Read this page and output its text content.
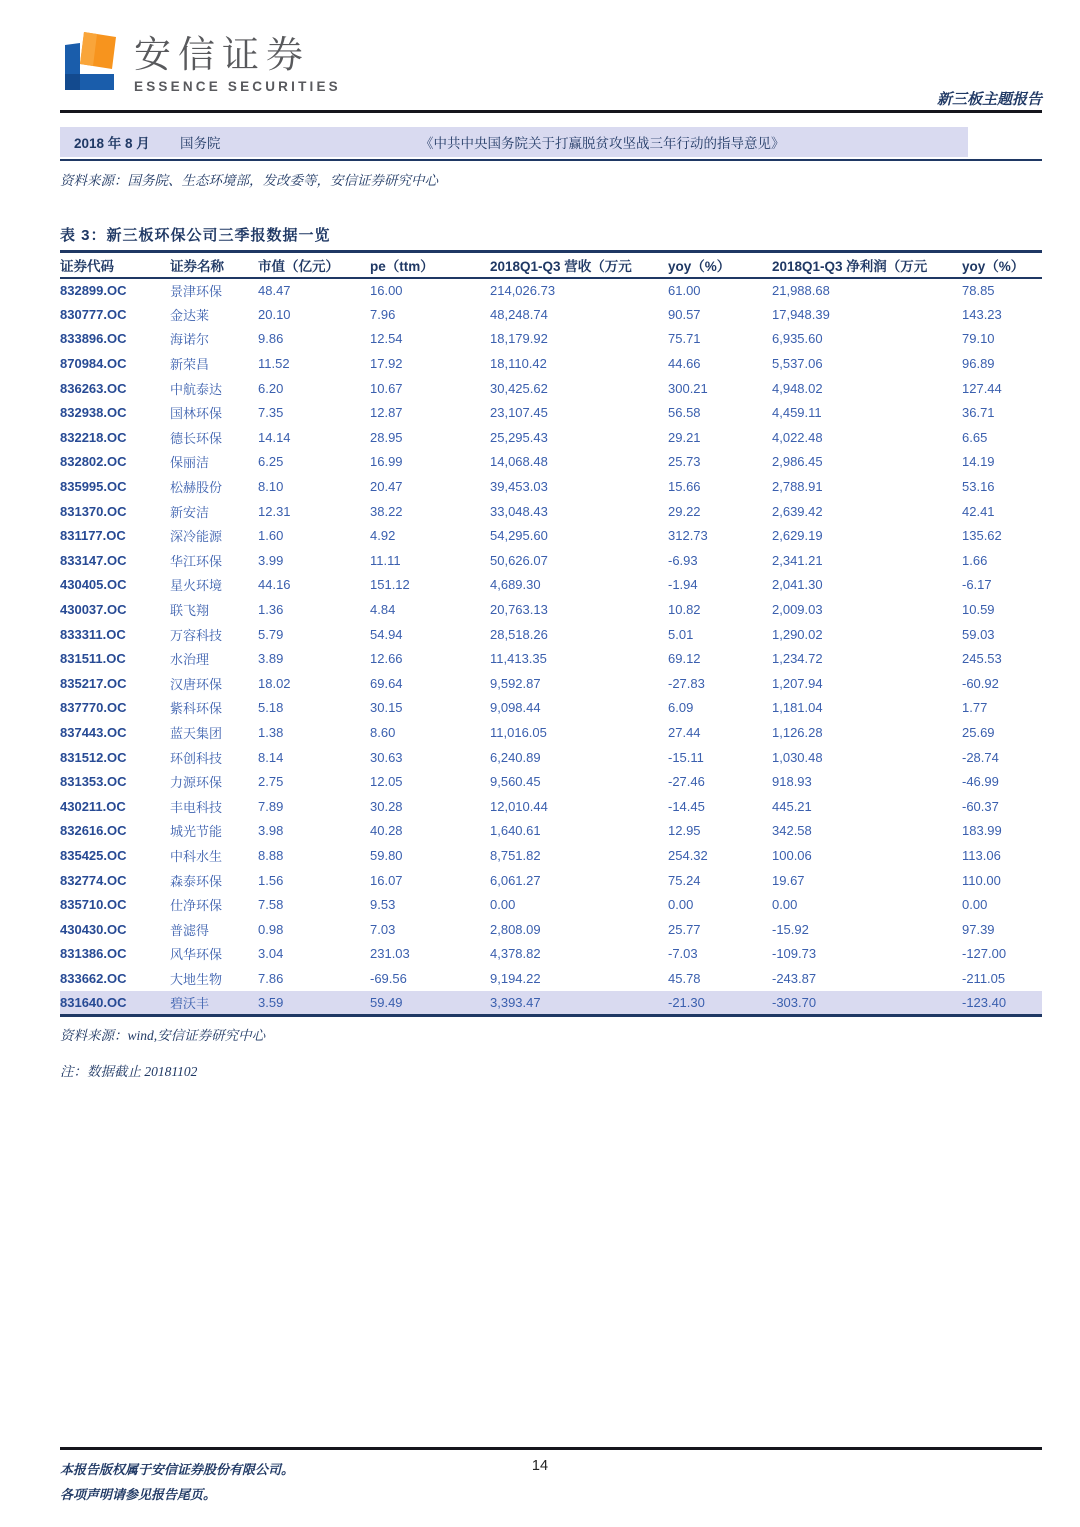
安信证券
ESSENCE SECURITIES
新三板主题报告
2018 年 8 月	国务院	《中共中央国务院关于打赢脱贫攻坚战三年行动的指导意见》
资料来源：国务院、生态环境部，发改委等，安信证券研究中心
表 3：新三板环保公司三季报数据一览
证券代码	证券名称	市值（亿元）	pe（ttm）	2018Q1-Q3 营收（万元	yoy（%）	2018Q1-Q3 净利润（万元	yoy（%）
832899.OC	景津环保	48.47	16.00	214,026.73	61.00	21,988.68	78.85
830777.OC	金达莱	20.10	7.96	48,248.74	90.57	17,948.39	143.23
833896.OC	海诺尔	9.86	12.54	18,179.92	75.71	6,935.60	79.10
870984.OC	新荣昌	11.52	17.92	18,110.42	44.66	5,537.06	96.89
836263.OC	中航泰达	6.20	10.67	30,425.62	300.21	4,948.02	127.44
832938.OC	国林环保	7.35	12.87	23,107.45	56.58	4,459.11	36.71
832218.OC	德长环保	14.14	28.95	25,295.43	29.21	4,022.48	6.65
832802.OC	保丽洁	6.25	16.99	14,068.48	25.73	2,986.45	14.19
835995.OC	松赫股份	8.10	20.47	39,453.03	15.66	2,788.91	53.16
831370.OC	新安洁	12.31	38.22	33,048.43	29.22	2,639.42	42.41
831177.OC	深冷能源	1.60	4.92	54,295.60	312.73	2,629.19	135.62
833147.OC	华江环保	3.99	11.11	50,626.07	-6.93	2,341.21	1.66
430405.OC	星火环境	44.16	151.12	4,689.30	-1.94	2,041.30	-6.17
430037.OC	联飞翔	1.36	4.84	20,763.13	10.82	2,009.03	10.59
833311.OC	万容科技	5.79	54.94	28,518.26	5.01	1,290.02	59.03
831511.OC	水治理	3.89	12.66	11,413.35	69.12	1,234.72	245.53
835217.OC	汉唐环保	18.02	69.64	9,592.87	-27.83	1,207.94	-60.92
837770.OC	紫科环保	5.18	30.15	9,098.44	6.09	1,181.04	1.77
837443.OC	蓝天集团	1.38	8.60	11,016.05	27.44	1,126.28	25.69
831512.OC	环创科技	8.14	30.63	6,240.89	-15.11	1,030.48	-28.74
831353.OC	力源环保	2.75	12.05	9,560.45	-27.46	918.93	-46.99
430211.OC	丰电科技	7.89	30.28	12,010.44	-14.45	445.21	-60.37
832616.OC	城光节能	3.98	40.28	1,640.61	12.95	342.58	183.99
835425.OC	中科水生	8.88	59.80	8,751.82	254.32	100.06	113.06
832774.OC	森泰环保	1.56	16.07	6,061.27	75.24	19.67	110.00
835710.OC	仕净环保	7.58	9.53	0.00	0.00	0.00	0.00
430430.OC	普滤得	0.98	7.03	2,808.09	25.77	-15.92	97.39
831386.OC	风华环保	3.04	231.03	4,378.82	-7.03	-109.73	-127.00
833662.OC	大地生物	7.86	-69.56	9,194.22	45.78	-243.87	-211.05
831640.OC	碧沃丰	3.59	59.49	3,393.47	-21.30	-303.70	-123.40
资料来源：wind,安信证券研究中心
注：数据截止 20181102
本报告版权属于安信证券股份有限公司。
各项声明请参见报告尾页。
14
